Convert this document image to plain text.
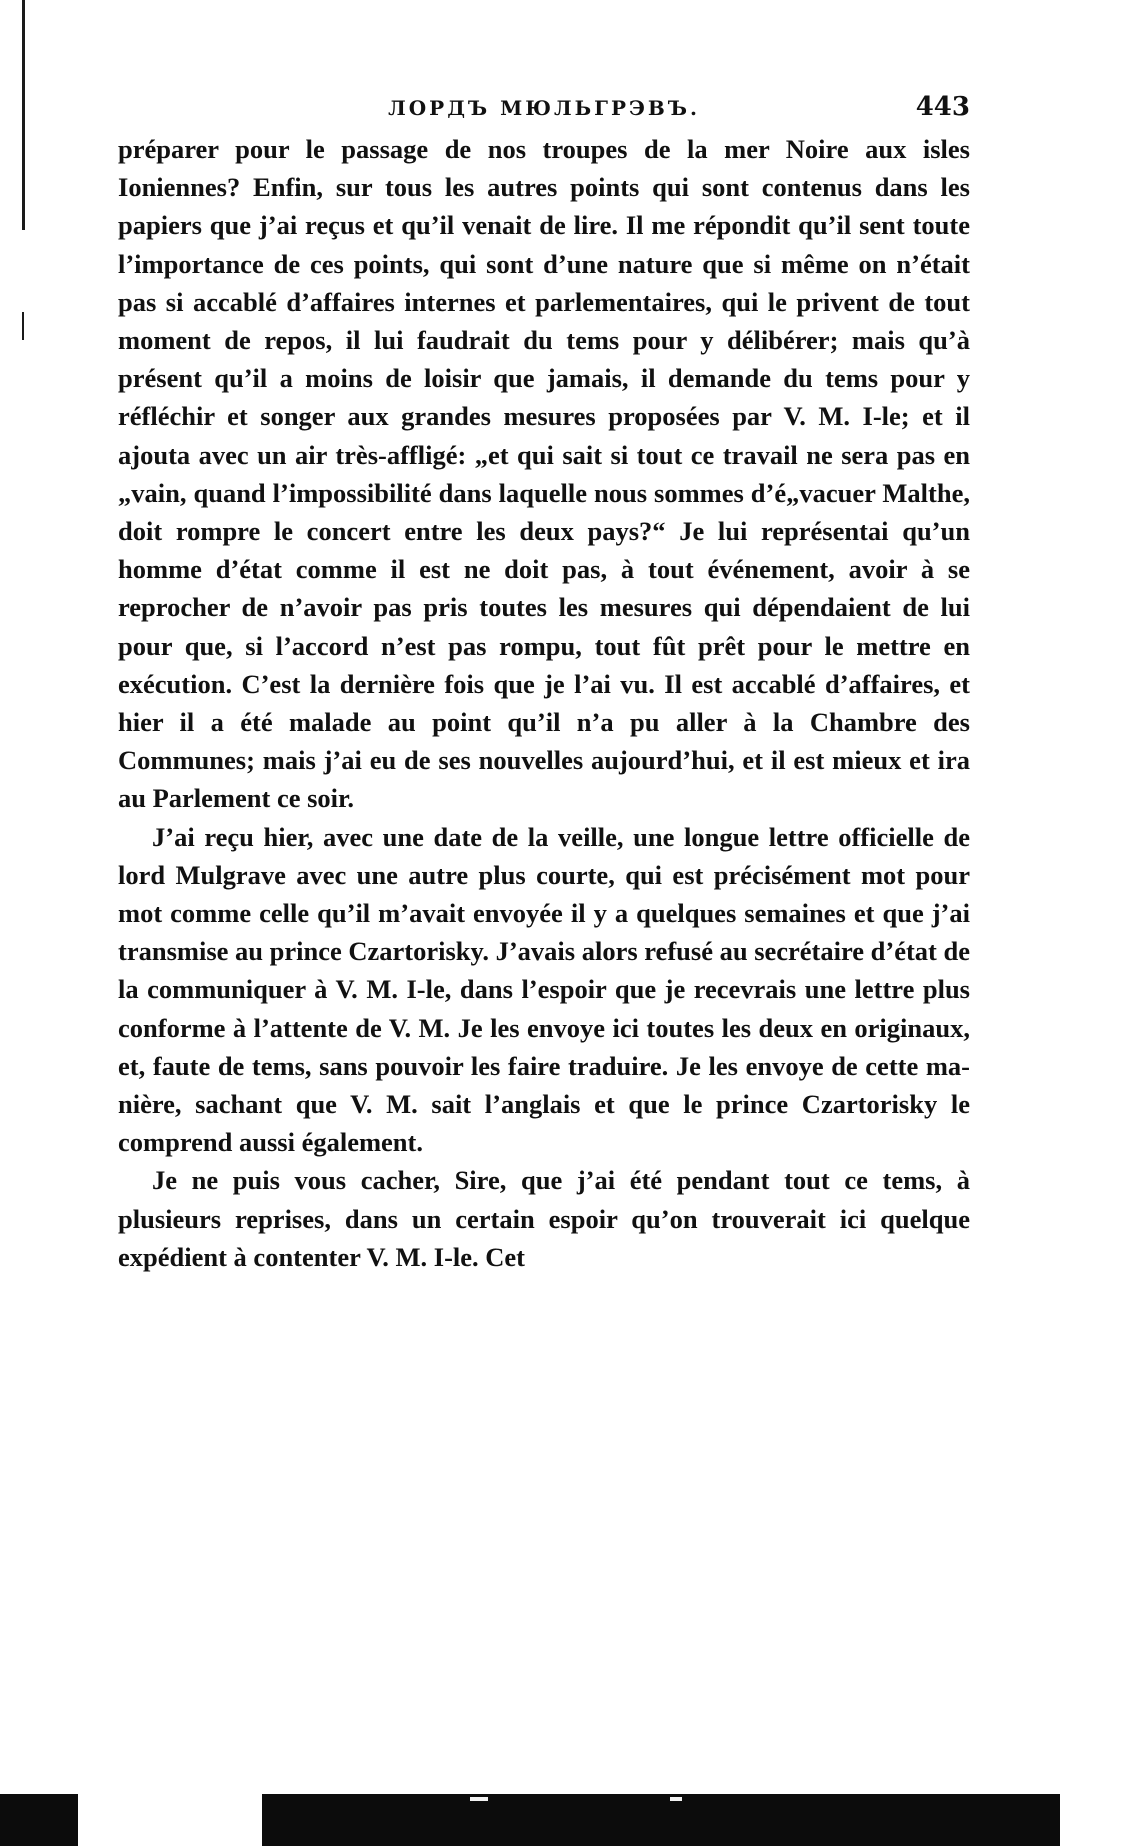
ЛОРДЪ МЮЛЬГРЭВЪ.	443

préparer pour le passage de nos troupes de la mer Noire aux isles Ioniennes? Enfin, sur tous les autres points qui sont contenus dans les papiers que j’ai reçus et qu’il venait de lire. Il me répondit qu’il sent toute l’importance de ces points, qui sont d’une nature que si même on n’était pas si accablé d’affaires internes et parlementaires, qui le privent de tout moment de repos, il lui faudrait du tems pour y délibérer; mais qu’à présent qu’il a moins de loisir que jamais, il demande du tems pour y réfléchir et songer aux grandes mesures proposées par V. M. I-le; et il ajouta avec un air très-affligé: „et qui sait si tout ce travail ne sera pas en „vain, quand l’impossibilité dans laquelle nous sommes d’é„vacuer Malthe, doit rompre le concert entre les deux pays?“ Je lui représentai qu’un homme d’état comme il est ne doit pas, à tout événement, avoir à se reprocher de n’avoir pas pris toutes les mesures qui dépendaient de lui pour que, si l’accord n’est pas rompu, tout fût prêt pour le mettre en exécution. C’est la dernière fois que je l’ai vu. Il est accablé d’affaires, et hier il a été malade au point qu’il n’a pu aller à la Chambre des Communes; mais j’ai eu de ses nouvelles aujourd’hui, et il est mieux et ira au Parlement ce soir.

J’ai reçu hier, avec une date de la veille, une longue lettre officielle de lord Mulgrave avec une autre plus courte, qui est précisément mot pour mot comme celle qu’il m’avait envoyée il y a quelques semaines et que j’ai transmise au prince Czartorisky. J’avais alors refusé au secrétaire d’état de la communiquer à V. M. I-le, dans l’espoir que je recevrais une lettre plus conforme à l’attente de V. M. Je les envoye ici toutes les deux en originaux, et, faute de tems, sans pouvoir les faire traduire. Je les envoye de cette manière, sachant que V. M. sait l’anglais et que le prince Czartorisky le comprend aussi également.

Je ne puis vous cacher, Sire, que j’ai été pendant tout ce tems, à plusieurs reprises, dans un certain espoir qu’on trouverait ici quelque expédient à contenter V. M. I-le. Cet
